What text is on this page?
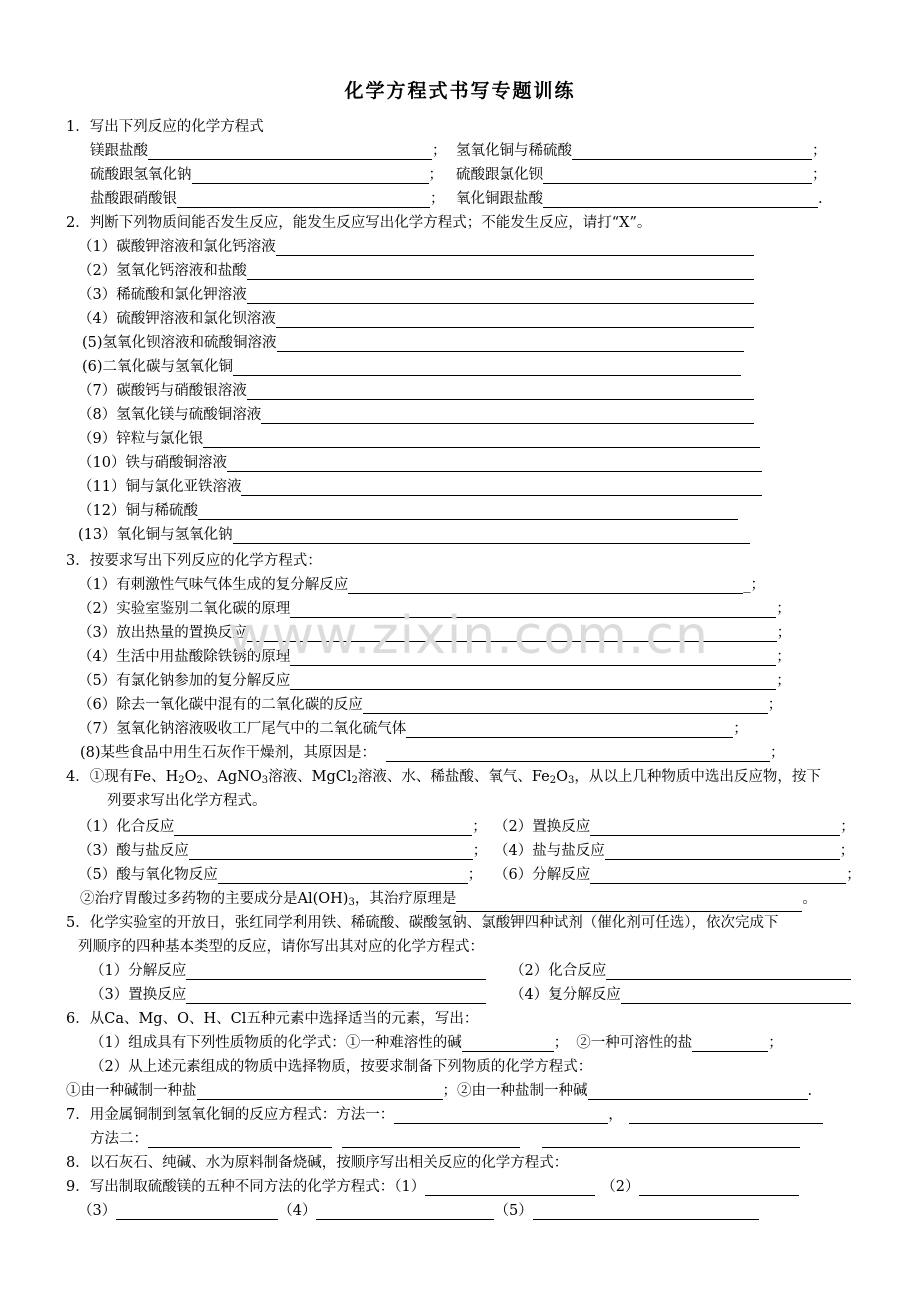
化学方程式书写专题训练
1．写出下列反应的化学方程式
镁跟盐酸	； 氢氧化铜与稀硫酸	；
硫酸跟氢氧化钠	； 硫酸跟氯化钡	；
盐酸跟硝酸银	； 氧化铜跟盐酸	.
2．判断下列物质间能否发生反应，能发生反应写出化学方程式；不能发生反应，请打“X”。
（1）碳酸钾溶液和氯化钙溶液
（2）氢氧化钙溶液和盐酸
（3）稀硫酸和氯化钾溶液
（4）硫酸钾溶液和氯化钡溶液
(5)氢氧化钡溶液和硫酸铜溶液
(6)二氧化碳与氢氧化铜
（7）碳酸钙与硝酸银溶液
（8）氢氧化镁与硫酸铜溶液
（9）锌粒与氯化银
（10）铁与硝酸铜溶液
（11）铜与氯化亚铁溶液
（12）铜与稀硫酸
(13）氧化铜与氢氧化钠
3．按要求写出下列反应的化学方程式：
（1）有刺激性气味气体生成的复分解反应	_；
（2）实验室鉴别二氧化碳的原理	；
（3）放出热量的置换反应	；
（4）生活中用盐酸除铁锈的原理	；
（5）有氯化钠参加的复分解反应	；
（6）除去一氧化碳中混有的二氧化碳的反应	；
（7）氢氧化钠溶液吸收工厂尾气中的二氧化硫气体	；
(8)某些食品中用生石灰作干燥剂，其原因是：	；
4．①现有Fe、$H_2O_2$、AgNO$_3$溶液、MgCl$_2$溶液、水、稀盐酸、氧气、$Fe_2O_3$，从以上几种物质中选出反应物，按下
列要求写出化学方程式。
（1）化合反应	； （2）置换反应	；
（3）酸与盐反应	； （4）盐与盐反应	；
（5）酸与氧化物反应	； （6）分解反应	；
②治疗胃酸过多药物的主要成分是$Al(OH)_3$，其治疗原理是	。
5．化学实验室的开放日，张红同学利用铁、稀硫酸、碳酸氢钠、氯酸钾四种试剂（催化剂可任选），依次完成下
列顺序的四种基本类型的反应，请你写出其对应的化学方程式：
（1）分解反应	（2）化合反应
（3）置换反应	（4）复分解反应
6．从Ca、Mg、O、H、Cl五种元素中选择适当的元素，写出：
（1）组成具有下列性质物质的化学式：①一种难溶性的碱	； ②一种可溶性的盐	；
（2）从上述元素组成的物质中选择物质，按要求制备下列物质的化学方程式：
①由一种碱制一种盐	；②由一种盐制一种碱	.
7．用金属铜制到氢氧化铜的反应方程式：方法一：	，
方法二：
8．以石灰石、纯碱、水为原料制备烧碱，按顺序写出相关反应的化学方程式：
9．写出制取硫酸镁的五种不同方法的化学方程式：（1）	（2）
（3）	（4）	（5）
www.zixin.com.cn
